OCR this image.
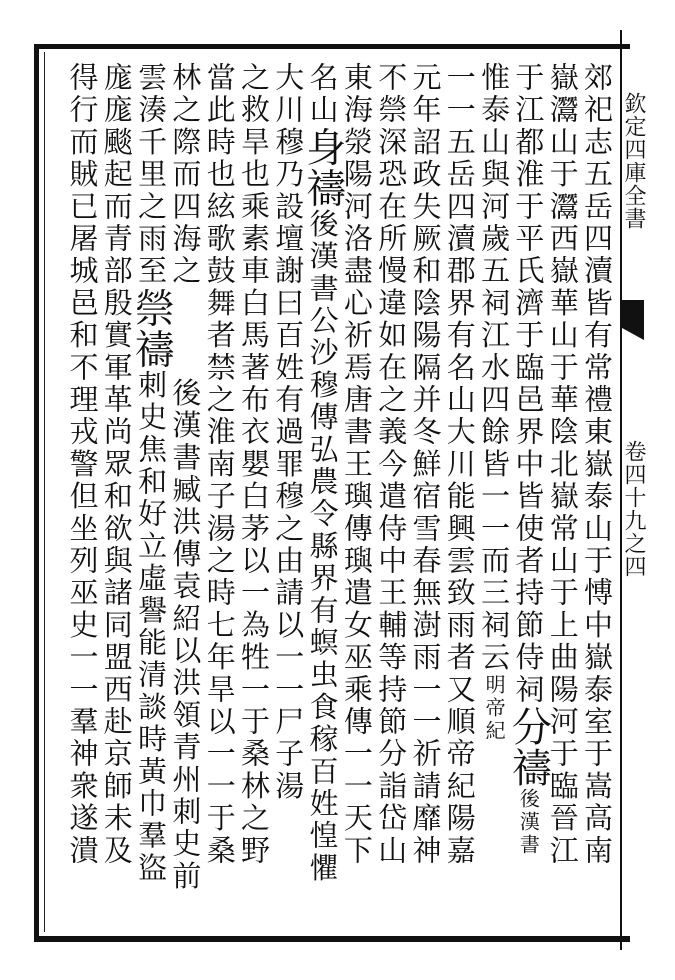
欽定四庫全書
卷四十九之四
郊祀志五岳四瀆皆有常禮東嶽泰山于愽中嶽泰室于嵩高南
嶽灊山于灊西嶽華山于華陰北嶽常山于上曲陽河于臨晉江
于江都淮于平氏濟于臨邑界中皆使者持節侍祠分禱後漢書
惟泰山與河歲五祠江水四餘皆一一而三祠云明帝紀
一一五岳四瀆郡界有名山大川能興雲致雨者又順帝紀陽嘉
元年詔政失厥和陰陽隔并冬鮮宿雪春無澍雨一一祈請靡神
不禜深恐在所慢違如在之義今遣侍中王輔等持節分詣岱山
東海滎陽河洛盡心祈焉唐書王璵傳璵遣女巫乘傳一一天下
名山身禱後漢書公沙穆傳弘農令縣界有螟虫食稼百姓惶懼
大川穆乃設壇謝曰百姓有過罪穆之由請以一一尸子湯
之救旱也乘素車白馬著布衣嬰白茅以一為牲一于桑林之野
當此時也絃歌鼓舞者禁之淮南子湯之時七年旱以一一于桑
林之際而四海之後漢書臧洪傳袁紹以洪領青州刺史前
雲湊千里之雨至禜禱刺史焦和好立虛譽能清談時黃巾羣盜
庬庬颷起而青部殷實軍革尚眾和欲與諸同盟西赴京師未及
得行而賊已屠城邑和不理戎警但坐列巫史一一羣神衆遂潰
